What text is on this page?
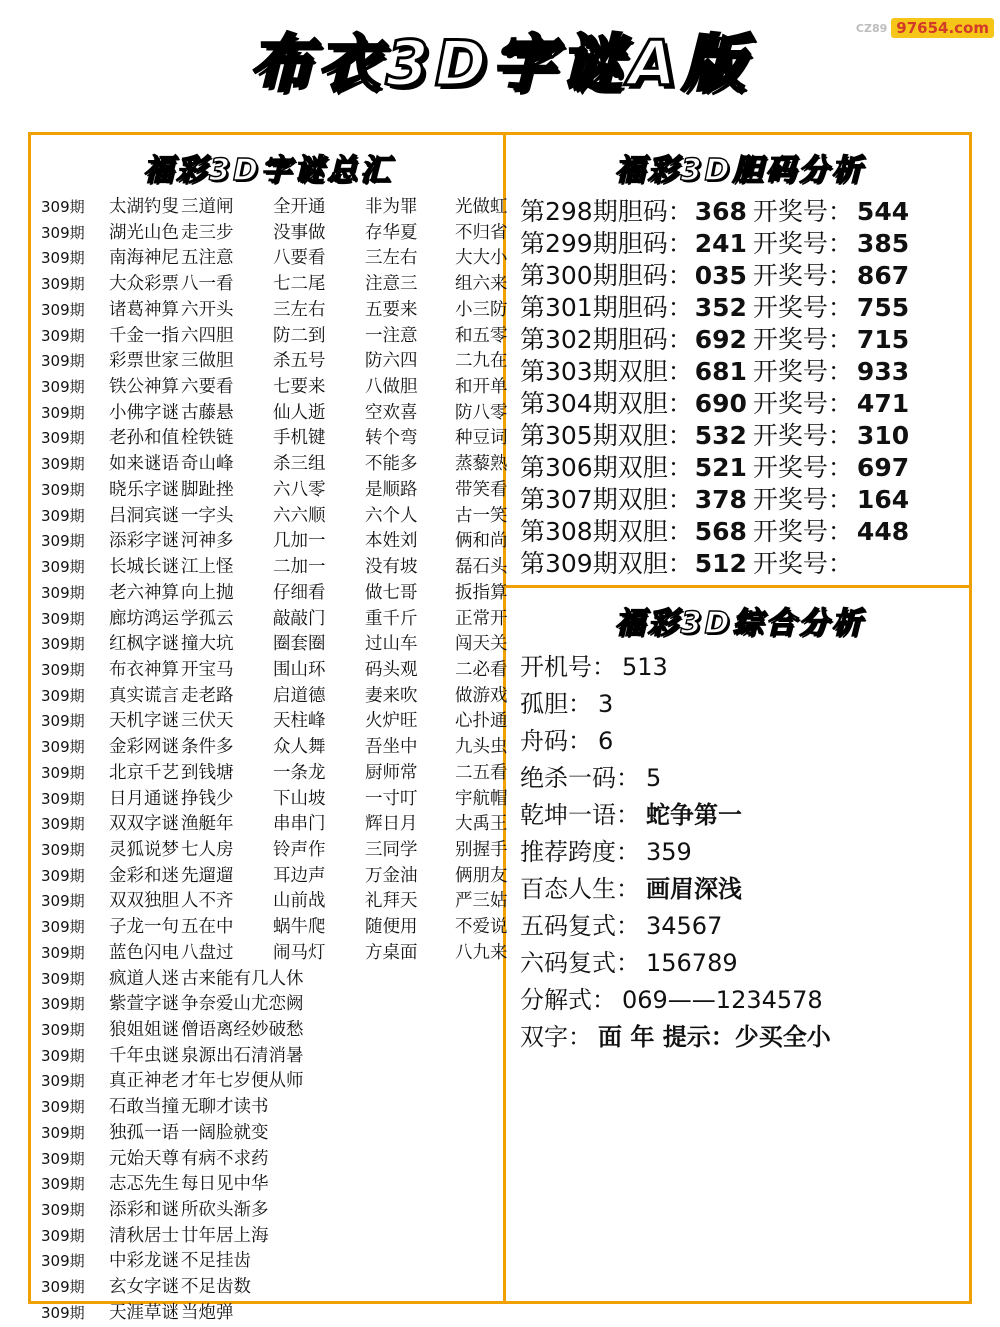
CZ89 97654.com
布衣3D字谜A版
福彩3D字谜总汇
309期	太湖钓叟 三道闸	全开通	非为罪	光做虹
309期	湖光山色 走三步	没事做	存华夏	不归省
309期	南海神尼 五注意	八要看	三左右	大大小
309期	大众彩票 八一看	七二尾	注意三	组六来
309期	诸葛神算 六开头	三左右	五要来	小三防
309期	千金一指 六四胆	防二到	一注意	和五零
309期	彩票世家 三做胆	杀五号	防六四	二九在
309期	铁公神算 六要看	七要来	八做胆	和开单
309期	小佛字谜 古藤悬	仙人逝	空欢喜	防八零
309期	老孙和值 栓铁链	手机键	转个弯	种豆词
309期	如来谜语 奇山峰	杀三组	不能多	蒸藜熟
309期	晓乐字谜 脚趾挫	六八零	是顺路	带笑看
309期	吕洞宾谜 一字头	六六顺	六个人	古一笑
309期	添彩字谜 河神多	几加一	本姓刘	俩和尚
309期	长城长谜 江上怪	二加一	没有坡	磊石头
309期	老六神算 向上抛	仔细看	做七哥	扳指算
309期	廊坊鸿运 学孤云	敲敲门	重千斤	正常开
309期	红枫字谜 撞大坑	圈套圈	过山车	闯天关
309期	布衣神算 开宝马	围山环	码头观	二必看
309期	真实谎言 走老路	启道德	妻来吹	做游戏
309期	天机字谜 三伏天	天柱峰	火炉旺	心扑通
309期	金彩网谜 条件多	众人舞	吾坐中	九头虫
309期	北京千艺 到钱塘	一条龙	厨师常	二五看
309期	日月通谜 挣钱少	下山坡	一寸叮	宇航帽
309期	双双字谜 渔艇年	串串门	辉日月	大禹王
309期	灵狐说梦 七人房	铃声作	三同学	别握手
309期	金彩和迷 先遛遛	耳边声	万金油	俩朋友
309期	双双独胆 人不齐	山前战	礼拜天	严三姑
309期	子龙一句 五在中	蜗牛爬	随便用	不爱说
309期	蓝色闪电 八盘过	闹马灯	方桌面	八九来
309期	疯道人迷 古来能有几人休
309期	紫萱字谜 争奈爱山尤恋阙
309期	狼姐姐谜 僧语离经妙破愁
309期	千年虫谜 泉源出石清消暑
309期	真正神老 才年七岁便从师
309期	石敢当撞 无聊才读书
309期	独孤一语 一阔脸就变
309期	元始天尊 有病不求药
309期	志忑先生 每日见中华
309期	添彩和谜 所砍头渐多
309期	清秋居士 廿年居上海
309期	中彩龙谜 不足挂齿
309期	玄女字谜 不足齿数
309期	天涯草谜 当炮弹
福彩3D胆码分析
第298期胆码： 368 开奖号： 544
第299期胆码： 241 开奖号： 385
第300期胆码： 035 开奖号： 867
第301期胆码： 352 开奖号： 755
第302期胆码： 692 开奖号： 715
第303期双胆： 681 开奖号： 933
第304期双胆： 690 开奖号： 471
第305期双胆： 532 开奖号： 310
第306期双胆： 521 开奖号： 697
第307期双胆： 378 开奖号： 164
第308期双胆： 568 开奖号： 448
第309期双胆： 512 开奖号：
福彩3D综合分析
开机号： 513
孤胆： 3
舟码： 6
绝杀一码： 5
乾坤一语： 蛇争第一
推荐跨度： 359
百态人生： 画眉深浅
五码复式： 34567
六码复式： 156789
分解式： 069——1234578
双字： 面 年 提示：少买全小
